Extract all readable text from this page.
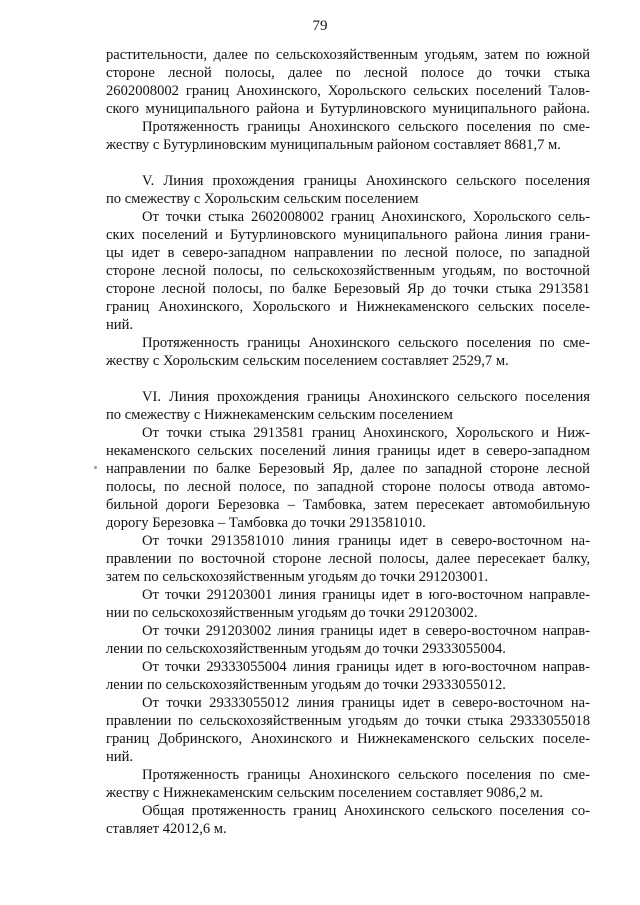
79
растительности, далее по сельскохозяйственным угодьям, затем по южной
стороне лесной полосы, далее по лесной полосе до точки стыка
2602008002 границ Анохинского, Хорольского сельских поселений Талов-
ского муниципального района и Бутурлиновского муниципального района.
Протяженность границы Анохинского сельского поселения по сме-
жеству с Бутурлиновским муниципальным районом составляет 8681,7 м.
V. Линия прохождения границы Анохинского сельского поселения
по смежеству с Хорольским сельским поселением
От точки стыка 2602008002 границ Анохинского, Хорольского сель-
ских поселений и Бутурлиновского муниципального района линия грани-
цы идет в северо-западном направлении по лесной полосе, по западной
стороне лесной полосы, по сельскохозяйственным угодьям, по восточной
стороне лесной полосы, по балке Березовый Яр до точки стыка 2913581
границ Анохинского, Хорольского и Нижнекаменского сельских поселе-
ний.
Протяженность границы Анохинского сельского поселения по сме-
жеству с Хорольским сельским поселением составляет 2529,7 м.
VI. Линия прохождения границы Анохинского сельского поселения
по смежеству с Нижнекаменским сельским поселением
От точки стыка 2913581 границ Анохинского, Хорольского и Ниж-
некаменского сельских поселений линия границы идет в северо-западном
направлении по балке Березовый Яр, далее по западной стороне лесной
полосы, по лесной полосе, по западной стороне полосы отвода автомо-
бильной дороги Березовка – Тамбовка, затем пересекает автомобильную
дорогу Березовка – Тамбовка до точки 2913581010.
От точки 2913581010 линия границы идет в северо-восточном на-
правлении по восточной стороне лесной полосы, далее пересекает балку,
затем по сельскохозяйственным угодьям до точки 291203001.
От точки 291203001 линия границы идет в юго-восточном направле-
нии по сельскохозяйственным угодьям до точки 291203002.
От точки 291203002 линия границы идет в северо-восточном направ-
лении по сельскохозяйственным угодьям до точки 29333055004.
От точки 29333055004 линия границы идет в юго-восточном направ-
лении по сельскохозяйственным угодьям до точки 29333055012.
От точки 29333055012 линия границы идет в северо-восточном на-
правлении по сельскохозяйственным угодьям до точки стыка 29333055018
границ Добринского, Анохинского и Нижнекаменского сельских поселе-
ний.
Протяженность границы Анохинского сельского поселения по сме-
жеству с Нижнекаменским сельским поселением составляет 9086,2 м.
Общая протяженность границ Анохинского сельского поселения со-
ставляет 42012,6 м.
